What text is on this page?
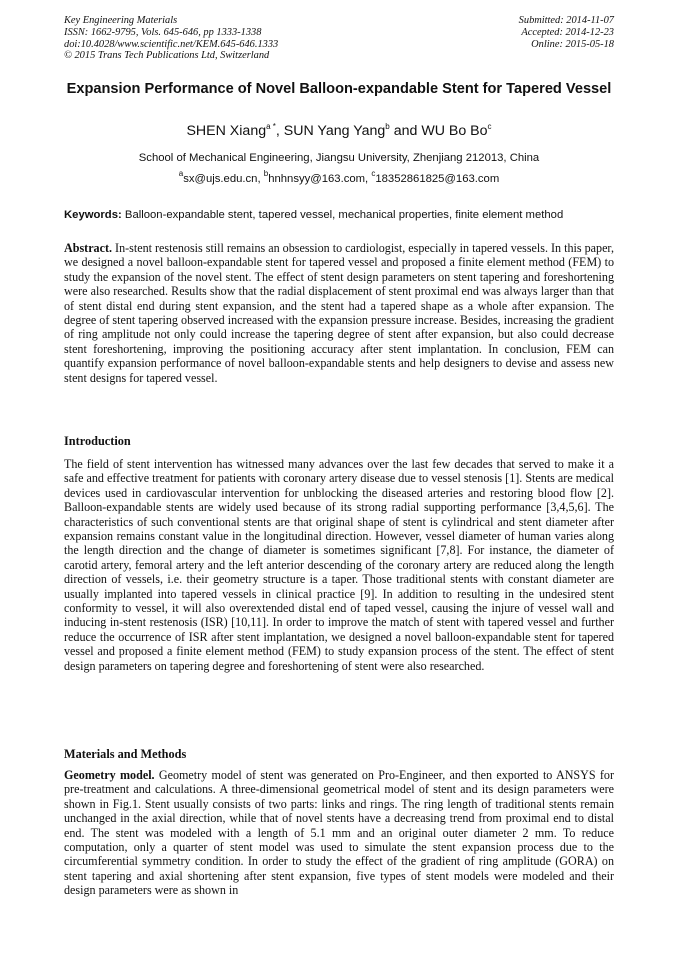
Key Engineering Materials
ISSN: 1662-9795, Vols. 645-646, pp 1333-1338
doi:10.4028/www.scientific.net/KEM.645-646.1333
© 2015 Trans Tech Publications Ltd, Switzerland
Submitted: 2014-11-07
Accepted: 2014-12-23
Online: 2015-05-18
Expansion Performance of Novel Balloon-expandable Stent for Tapered Vessel
SHEN Xiang$^{a *}$, SUN Yang Yang$^b$ and WU Bo Bo$^c$
School of Mechanical Engineering, Jiangsu University, Zhenjiang 212013, China
$^a$sx@ujs.edu.cn, $^b$hnhnsyy@163.com, $^c$18352861825@163.com
Keywords: Balloon-expandable stent, tapered vessel, mechanical properties, finite element method
Abstract. In-stent restenosis still remains an obsession to cardiologist, especially in tapered vessels. In this paper, we designed a novel balloon-expandable stent for tapered vessel and proposed a finite element method (FEM) to study the expansion of the novel stent. The effect of stent design parameters on stent tapering and foreshortening were also researched. Results show that the radial displacement of stent proximal end was always larger than that of stent distal end during stent expansion, and the stent had a tapered shape as a whole after expansion. The degree of stent tapering observed increased with the expansion pressure increase. Besides, increasing the gradient of ring amplitude not only could increase the tapering degree of stent after expansion, but also could decrease stent foreshortening, improving the positioning accuracy after stent implantation. In conclusion, FEM can quantify expansion performance of novel balloon-expandable stents and help designers to devise and assess new stent designs for tapered vessel.
Introduction
The field of stent intervention has witnessed many advances over the last few decades that served to make it a safe and effective treatment for patients with coronary artery disease due to vessel stenosis [1]. Stents are medical devices used in cardiovascular intervention for unblocking the diseased arteries and restoring blood flow [2]. Balloon-expandable stents are widely used because of its strong radial supporting performance [3,4,5,6]. The characteristics of such conventional stents are that original shape of stent is cylindrical and stent diameter after expansion remains constant value in the longitudinal direction. However, vessel diameter of human varies along the length direction and the change of diameter is sometimes significant [7,8]. For instance, the diameter of carotid artery, femoral artery and the left anterior descending of the coronary artery are reduced along the length direction of vessels, i.e. their geometry structure is a taper. Those traditional stents with constant diameter are usually implanted into tapered vessels in clinical practice [9]. In addition to resulting in the undesired stent conformity to vessel, it will also overextended distal end of taped vessel, causing the injure of vessel wall and inducing in-stent restenosis (ISR) [10,11]. In order to improve the match of stent with tapered vessel and further reduce the occurrence of ISR after stent implantation, we designed a novel balloon-expandable stent for tapered vessel and proposed a finite element method (FEM) to study expansion process of the stent. The effect of stent design parameters on tapering degree and foreshortening of stent were also researched.
Materials and Methods
Geometry model. Geometry model of stent was generated on Pro-Engineer, and then exported to ANSYS for pre-treatment and calculations. A three-dimensional geometrical model of stent and its design parameters were shown in Fig.1. Stent usually consists of two parts: links and rings. The ring length of traditional stents remain unchanged in the axial direction, while that of novel stents have a decreasing trend from proximal end to distal end. The stent was modeled with a length of 5.1 mm and an original outer diameter 2 mm. To reduce computation, only a quarter of stent model was used to simulate the stent expansion process due to the circumferential symmetry condition. In order to study the effect of the gradient of ring amplitude (GORA) on stent tapering and axial shortening after stent expansion, five types of stent models were modeled and their design parameters were as shown in
